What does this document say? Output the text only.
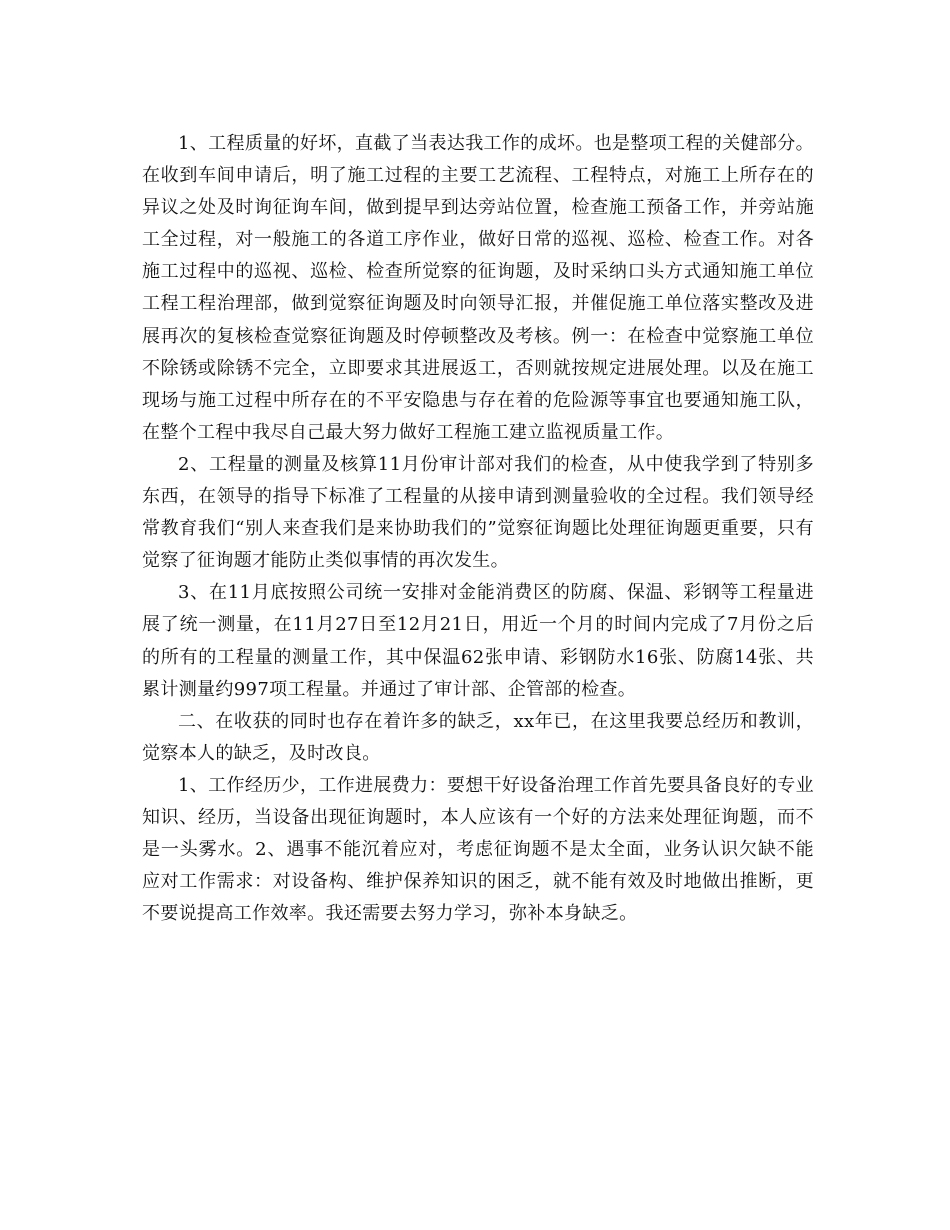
1、工程质量的好坏，直截了当表达我工作的成坏。也是整项工程的关健部分。在收到车间申请后，明了施工过程的主要工艺流程、工程特点，对施工上所存在的异议之处及时询征询车间，做到提早到达旁站位置，检查施工预备工作，并旁站施工全过程，对一般施工的各道工序作业，做好日常的巡视、巡检、检查工作。对各施工过程中的巡视、巡检、检查所觉察的征询题，及时采纳口头方式通知施工单位工程工程治理部，做到觉察征询题及时向领导汇报，并催促施工单位落实整改及进展再次的复核检查觉察征询题及时停顿整改及考核。例一：在检查中觉察施工单位不除锈或除锈不完全，立即要求其进展返工，否则就按规定进展处理。以及在施工现场与施工过程中所存在的不平安隐患与存在着的危险源等事宜也要通知施工队，在整个工程中我尽自己最大努力做好工程施工建立监视质量工作。

2、工程量的测量及核算11月份审计部对我们的检查，从中使我学到了特别多东西，在领导的指导下标准了工程量的从接申请到测量验收的全过程。我们领导经常教育我们“别人来查我们是来协助我们的”觉察征询题比处理征询题更重要，只有觉察了征询题才能防止类似事情的再次发生。

3、在11月底按照公司统一安排对金能消费区的防腐、保温、彩钢等工程量进展了统一测量，在11月27日至12月21日，用近一个月的时间内完成了7月份之后的所有的工程量的测量工作，其中保温62张申请、彩钢防水16张、防腐14张、共累计测量约997项工程量。并通过了审计部、企管部的检查。

二、在收获的同时也存在着许多的缺乏，xx年已，在这里我要总经历和教训，觉察本人的缺乏，及时改良。

1、工作经历少，工作进展费力：要想干好设备治理工作首先要具备良好的专业知识、经历，当设备出现征询题时，本人应该有一个好的方法来处理征询题，而不是一头雾水。2、遇事不能沉着应对，考虑征询题不是太全面，业务认识欠缺不能应对工作需求：对设备构、维护保养知识的困乏，就不能有效及时地做出推断，更不要说提高工作效率。我还需要去努力学习，弥补本身缺乏。
